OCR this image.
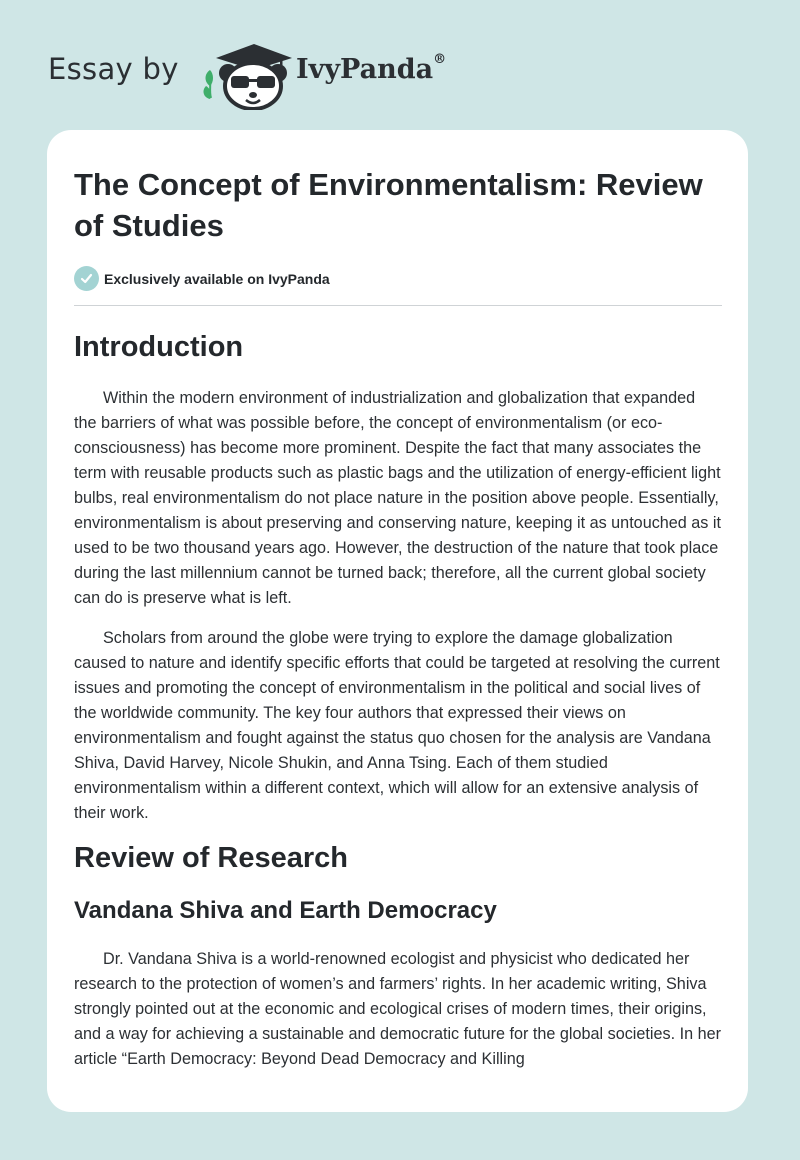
Essay by	IvyPanda®
The Concept of Environmentalism: Review of Studies
Exclusively available on IvyPanda
Introduction

Within the modern environment of industrialization and globalization that expanded the barriers of what was possible before, the concept of environmentalism (or eco-consciousness) has become more prominent. Despite the fact that many associates the term with reusable products such as plastic bags and the utilization of energy-efficient light bulbs, real environmentalism do not place nature in the position above people. Essentially, environmentalism is about preserving and conserving nature, keeping it as untouched as it used to be two thousand years ago. However, the destruction of the nature that took place during the last millennium cannot be turned back; therefore, all the current global society can do is preserve what is left.

Scholars from around the globe were trying to explore the damage globalization caused to nature and identify specific efforts that could be targeted at resolving the current issues and promoting the concept of environmentalism in the political and social lives of the worldwide community. The key four authors that expressed their views on environmentalism and fought against the status quo chosen for the analysis are Vandana Shiva, David Harvey, Nicole Shukin, and Anna Tsing. Each of them studied environmentalism within a different context, which will allow for an extensive analysis of their work.

Review of Research
Vandana Shiva and Earth Democracy

Dr. Vandana Shiva is a world-renowned ecologist and physicist who dedicated her research to the protection of women’s and farmers’ rights. In her academic writing, Shiva strongly pointed out at the economic and ecological crises of modern times, their origins, and a way for achieving a sustainable and democratic future for the global societies. In her article “Earth Democracy: Beyond Dead Democracy and Killing
